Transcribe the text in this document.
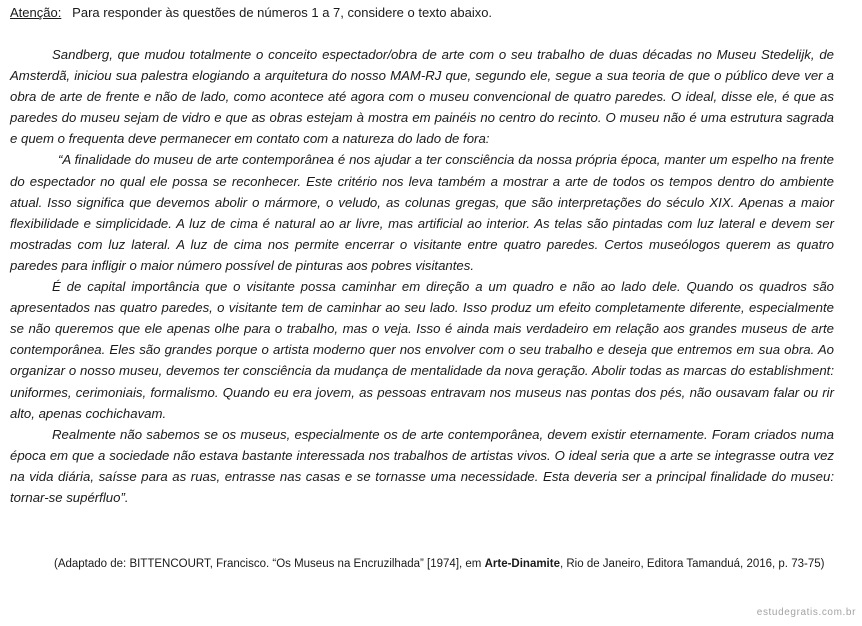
Atenção: Para responder às questões de números 1 a 7, considere o texto abaixo.

Sandberg, que mudou totalmente o conceito espectador/obra de arte com o seu trabalho de duas décadas no Museu Stedelijk, de Amsterdã, iniciou sua palestra elogiando a arquitetura do nosso MAM-RJ que, segundo ele, segue a sua teoria de que o público deve ver a obra de arte de frente e não de lado, como acontece até agora com o museu convencional de quatro paredes. O ideal, disse ele, é que as paredes do museu sejam de vidro e que as obras estejam à mostra em painéis no centro do recinto. O museu não é uma estrutura sagrada e quem o frequenta deve permanecer em contato com a natureza do lado de fora:

“A finalidade do museu de arte contemporânea é nos ajudar a ter consciência da nossa própria época, manter um espelho na frente do espectador no qual ele possa se reconhecer. Este critério nos leva também a mostrar a arte de todos os tempos dentro do ambiente atual. Isso significa que devemos abolir o mármore, o veludo, as colunas gregas, que são interpretações do século XIX. Apenas a maior flexibilidade e simplicidade. A luz de cima é natural ao ar livre, mas artificial ao interior. As telas são pintadas com luz lateral e devem ser mostradas com luz lateral. A luz de cima nos permite encerrar o visitante entre quatro paredes. Certos museólogos querem as quatro paredes para infligir o maior número possível de pinturas aos pobres visitantes.

É de capital importância que o visitante possa caminhar em direção a um quadro e não ao lado dele. Quando os quadros são apresentados nas quatro paredes, o visitante tem de caminhar ao seu lado. Isso produz um efeito completamente diferente, especialmente se não queremos que ele apenas olhe para o trabalho, mas o veja. Isso é ainda mais verdadeiro em relação aos grandes museus de arte contemporânea. Eles são grandes porque o artista moderno quer nos envolver com o seu trabalho e deseja que entremos em sua obra. Ao organizar o nosso museu, devemos ter consciência da mudança de mentalidade da nova geração. Abolir todas as marcas do establishment: uniformes, cerimoniais, formalismo. Quando eu era jovem, as pessoas entravam nos museus nas pontas dos pés, não ousavam falar ou rir alto, apenas cochichavam.

Realmente não sabemos se os museus, especialmente os de arte contemporânea, devem existir eternamente. Foram criados numa época em que a sociedade não estava bastante interessada nos trabalhos de artistas vivos. O ideal seria que a arte se integrasse outra vez na vida diária, saísse para as ruas, entrasse nas casas e se tornasse uma necessidade. Esta deveria ser a principal finalidade do museu: tornar-se supérfluo”.

(Adaptado de: BITTENCOURT, Francisco. “Os Museus na Encruzilhada” [1974], em Arte-Dinamite, Rio de Janeiro, Editora Tamanduá, 2016, p. 73-75)
estudegratis.com.br
